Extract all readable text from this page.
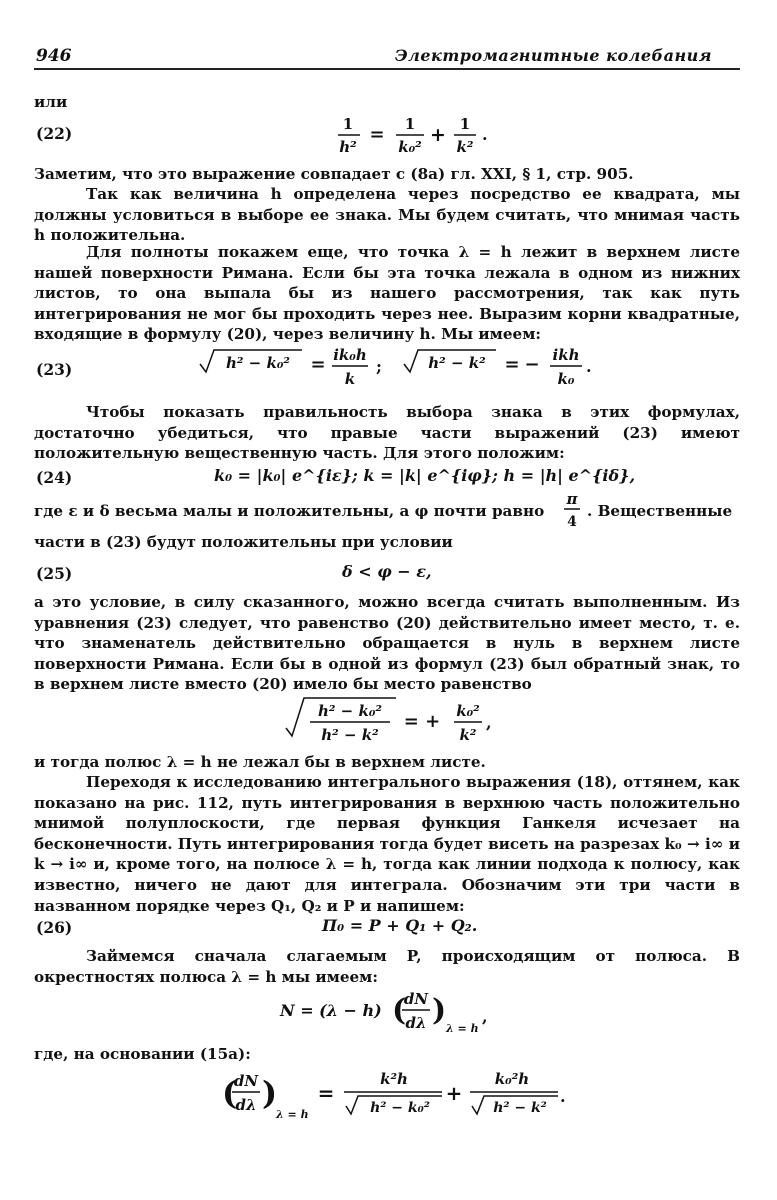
946	Электромагнитные колебания
или
(22)	1
h²
= 1
k₀²
+ 1
k²
.
Заметим, что это выражение совпадает с (8а) гл. XXI, § 1, стр. 905.
Так как величина h определена через посредство ее квадрата, мы должны условиться в выборе ее знака. Мы будем считать, что мнимая часть h положительна.
Для полноты покажем еще, что точка λ = h лежит в верхнем листе нашей поверхности Римана. Если бы эта точка лежала в одном из нижних листов, то она выпала бы из нашего рассмотрения, так как путь интегрирования не мог бы проходить через нее. Выразим корни квадратные, входящие в формулу (20), через величину h. Мы имеем:
(23)	h² − k₀² = ik₀h
k
;	h² − k² = − ikh
k₀
.
Чтобы показать правильность выбора знака в этих формулах, достаточно убедиться, что правые части выражений (23) имеют положительную вещественную часть. Для этого положим:
(24)	k₀ = |k₀| e^{iε}; k = |k| e^{iφ}; h = |h| e^{iδ},
где ε и δ весьма малы и положительны, а φ почти равно
π
4
. Вещественные
части в (23) будут положительны при условии
(25)	δ < φ − ε,
а это условие, в силу сказанного, можно всегда считать выполненным. Из уравнения (23) следует, что равенство (20) действительно имеет место, т. е. что знаменатель действительно обращается в нуль в верхнем листе поверхности Римана. Если бы в одной из формул (23) был обратный знак, то в верхнем листе вместо (20) имело бы место равенство
h² − k₀²
h² − k²
= + k₀²
k²
,
и тогда полюс λ = h не лежал бы в верхнем листе.
Переходя к исследованию интегрального выражения (18), оттянем, как показано на рис. 112, путь интегрирования в верхнюю часть положительно мнимой полуплоскости, где первая функция Ганкеля исчезает на бесконечности. Путь интегрирования тогда будет висеть на разрезах k₀ → i∞ и k → i∞ и, кроме того, на полюсе λ = h, тогда как линии подхода к полюсу, как известно, ничего не дают для интеграла. Обозначим эти три части в названном порядке через Q₁, Q₂ и P и напишем:
(26)	Π₀ = P + Q₁ + Q₂.
Займемся сначала слагаемым P, происходящим от полюса. В окрестностях полюса λ = h мы имеем:
N = (λ − h) (
dN
dλ )
λ = h
,
где, на основании (15а):
(
dN
dλ )
λ = h
=
k²h
h² − k₀²
+
k₀²h
h² − k²
.
